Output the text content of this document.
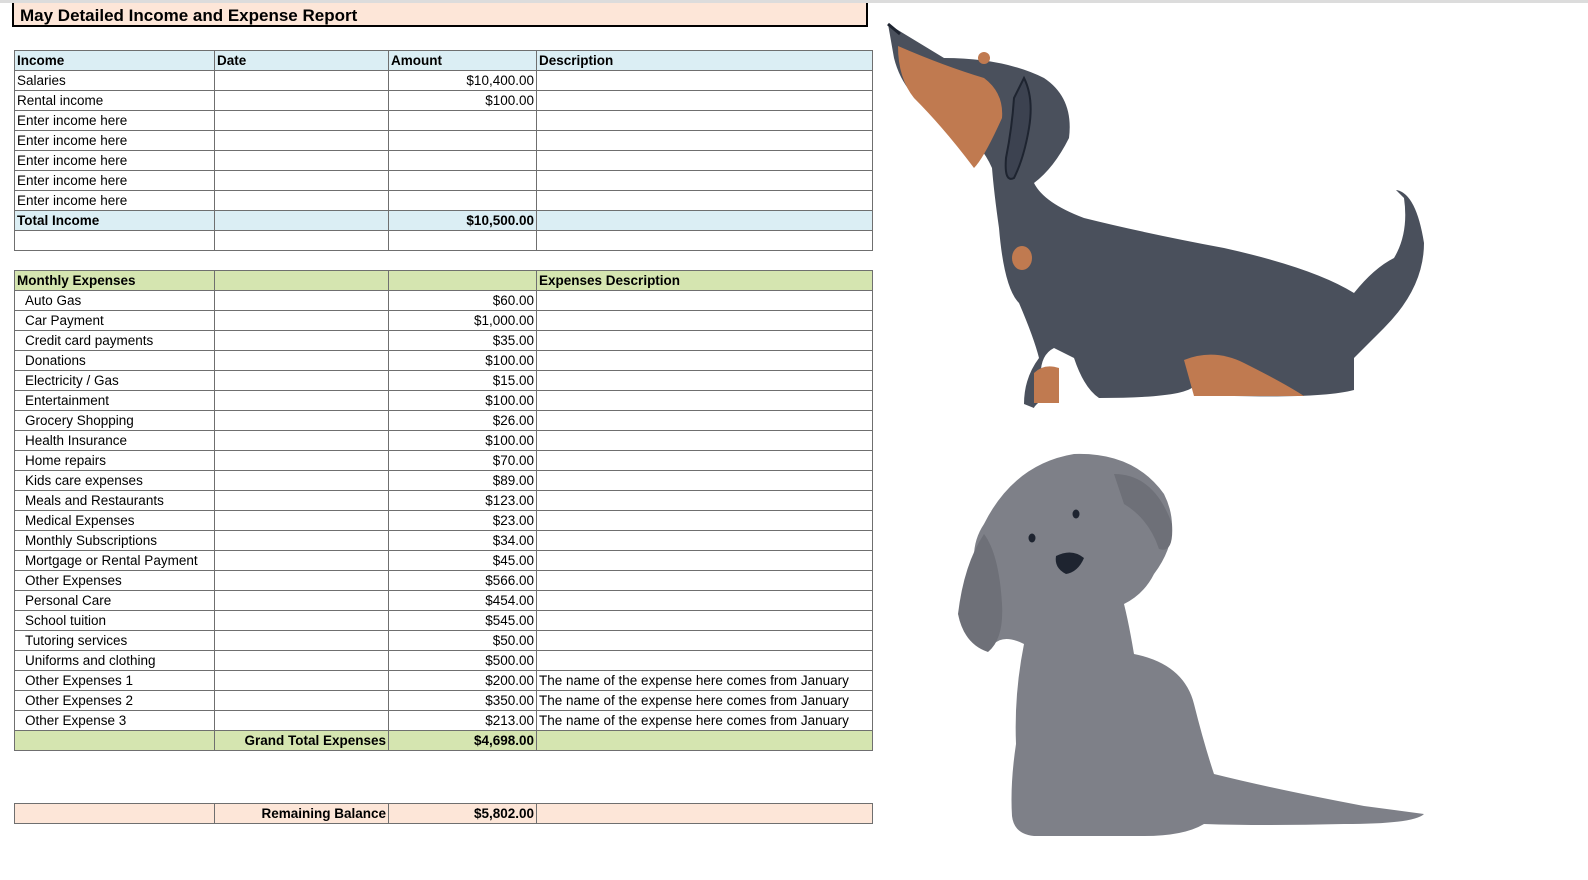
May Detailed Income and Expense Report
Income	Date	Amount	Description
Salaries		$10,400.00	
Rental income		$100.00	
Enter income here			
Enter income here			
Enter income here			
Enter income here			
Enter income here			
Total Income		$10,500.00	

Monthly Expenses			Expenses Description
Auto Gas		$60.00	
Car Payment		$1,000.00	
Credit card payments		$35.00	
Donations		$100.00	
Electricity / Gas		$15.00	
Entertainment		$100.00	
Grocery Shopping		$26.00	
Health Insurance		$100.00	
Home repairs		$70.00	
Kids care expenses		$89.00	
Meals and Restaurants		$123.00	
Medical Expenses		$23.00	
Monthly Subscriptions		$34.00	
Mortgage or Rental Payment		$45.00	
Other Expenses		$566.00	
Personal Care		$454.00	
School tuition		$545.00	
Tutoring services		$50.00	
Uniforms and clothing		$500.00	
Other Expenses 1		$200.00	The name of the expense here comes from January
Other Expenses 2		$350.00	The name of the expense here comes from January
Other Expense 3		$213.00	The name of the expense here comes from January
	Grand Total Expenses	$4,698.00	
	Remaining Balance	$5,802.00	
